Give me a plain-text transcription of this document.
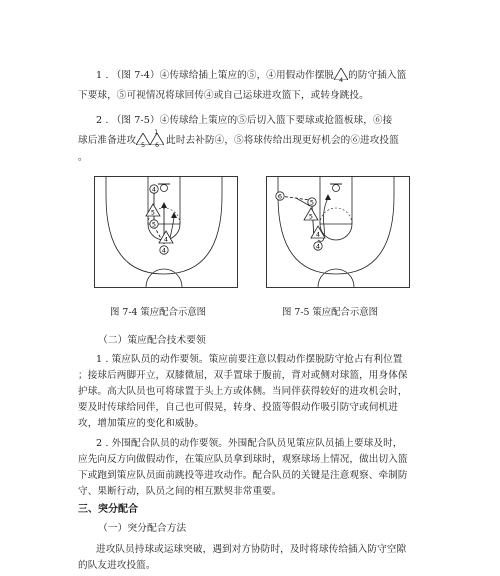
1 . （图 7-4）④传球给插上策应的⑤，④用假动作摆脱 4 的防守插入篮
下要球，⑤可视情况将球回传④或自己运球进攻篮下，或转身跳投。
2 . （图 7-5）④传球给上策应的⑤后切入篮下要球或抢篮板球，⑥接
球后准备进攻 5
1
6 此时去补防④，⑤将球传给出现更好机会的⑥进攻投篮
。
4
5
4
5
4
6
5
5
4
4
图 7-4 策应配合示意图	图 7-5 策应配合示意图
（二）策应配合技术要领
1 . 策应队员的动作要领。策应前要注意以假动作摆脱防守抢占有利位置
；接球后两脚开立，双膝微屈，双手置球于腹前，背对或侧对球篮，用身体保
护球。高大队员也可将球置于头上方或体侧。当同伴获得较好的进攻机会时，
要及时传球给同伴，自己也可假晃，转身、投篮等假动作吸引防守或伺机进
攻，增加策应的变化和威胁。
2 . 外围配合队员的动作要领。外围配合队员见策应队员插上要球及时，
应先向反方向做假动作，在策应队员拿到球时，观察球场上情况，做出切入篮
下或跑到策应队员面前跳投等进攻动作。配合队员的关键是注意观察、牵制防
守、果断行动，队员之间的相互默契非常重要。
三、突分配合
（一）突分配合方法
进攻队员持球或运球突破，遇到对方协防时，及时将球传给插入防守空隙
的队友进攻投篮。
